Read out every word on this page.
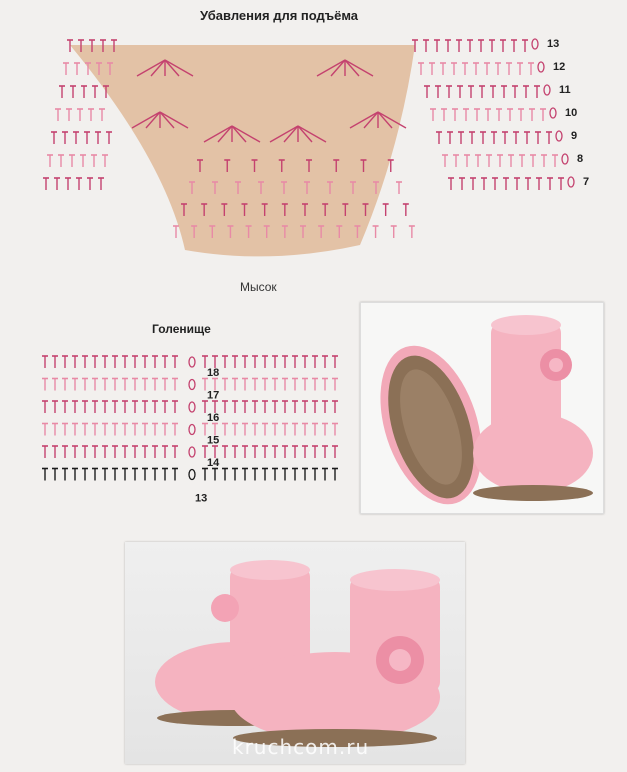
Убавления для подъёма
13
12
11
10
9
8
7
Мысок
Голенище
18
17
16
15
14
13
kruchcom.ru
